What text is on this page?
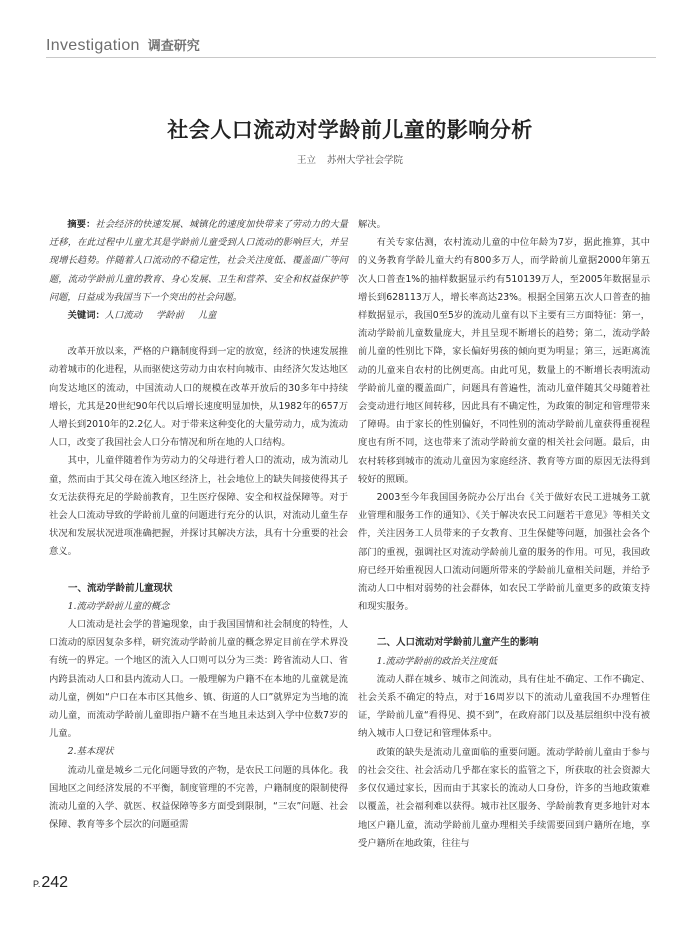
Investigation 调查研究
社会人口流动对学龄前儿童的影响分析
王立 苏州大学社会学院

摘要：社会经济的快速发展、城镇化的速度加快带来了劳动力的大量迁移，在此过程中儿童尤其是学龄前儿童受到人口流动的影响巨大，并呈现增长趋势。伴随着人口流动的不稳定性，社会关注度低、覆盖面广等问题，流动学龄前儿童的教育、身心发展、卫生和营养、安全和权益保护等问题，日益成为我国当下一个突出的社会问题。

关键词：人口流动 学龄前 儿童

改革开放以来，严格的户籍制度得到一定的放宽，经济的快速发展推动着城市的化进程，从而驱使这劳动力由农村向城市、由经济欠发达地区向发达地区的流动，中国流动人口的规模在改革开放后的30多年中持续增长，尤其是20世纪90年代以后增长速度明显加快，从1982年的657万人增长到2010年的2.2亿人。对于带来这种变化的大量劳动力，成为流动人口，改变了我国社会人口分布情况和所在地的人口结构。

其中，儿童伴随着作为劳动力的父母进行着人口的流动，成为流动儿童，然而由于其父母在流入地区经济上，社会地位上的缺失间接使得其子女无法获得充足的学龄前教育，卫生医疗保障、安全和权益保障等。对于社会人口流动导致的学龄前儿童的问题进行充分的认识，对流动儿童生存状况和发展状况进项准确把握，并探讨其解决方法，具有十分重要的社会意义。

一、流动学龄前儿童现状

1.流动学龄前儿童的概念

人口流动是社会学的普遍现象，由于我国国情和社会制度的特性，人口流动的原因复杂多样，研究流动学龄前儿童的概念界定目前在学术界没有统一的界定。一个地区的流入人口则可以分为三类：跨省流动人口、省内跨县流动人口和县内流动人口。一般理解为户籍不在本地的儿童就是流动儿童，例如“户口在本市区其他乡、镇、街道的人口”就界定为当地的流动儿童，而流动学龄前儿童即指户籍不在当地且未达到入学中位数7岁的儿童。

2.基本现状

流动儿童是城乡二元化问题导致的产物，是农民工问题的具体化。我国地区之间经济发展的不平衡，制度管理的不完善，户籍制度的限制使得流动儿童的入学、就医、权益保障等多方面受到限制，“三农”问题、社会保障、教育等多个层次的问题亟需

解决。

有关专家估测，农村流动儿童的中位年龄为7岁，据此推算，其中的义务教育学龄儿童大约有800多万人，而学龄前儿童据2000年第五次人口普查1%的抽样数据显示约有510139万人，至2005年数据显示增长到628113万人，增长率高达23%。根据全国第五次人口普查的抽样数据显示，我国0至5岁的流动儿童有以下主要有三方面特征：第一，流动学龄前儿童数量庞大，并且呈现不断增长的趋势；第二，流动学龄前儿童的性别比下降，家长偏好男孩的倾向更为明显；第三，远距离流动的儿童来自农村的比例更高。由此可见，数量上的不断增长表明流动学龄前儿童的覆盖面广，问题具有普遍性，流动儿童伴随其父母随着社会变动进行地区间转移，因此具有不确定性，为政策的制定和管理带来了障碍。由于家长的性别偏好，不同性别的流动学龄前儿童获得重视程度也有所不同，这也带来了流动学龄前女童的相关社会问题。最后，由农村转移到城市的流动儿童因为家庭经济、教育等方面的原因无法得到较好的照顾。

2003至今年我国国务院办公厅出台《关于做好农民工进城务工就业管理和服务工作的通知》、《关于解决农民工问题若干意见》等相关文件，关注因务工人员带来的子女教育、卫生保健等问题，加强社会各个部门的重视，强调社区对流动学龄前儿童的服务的作用。可见，我国政府已经开始重视因人口流动问题所带来的学龄前儿童相关问题，并给予流动人口中相对弱势的社会群体，如农民工学龄前儿童更多的政策支持和现实服务。

二、人口流动对学龄前儿童产生的影响

1.流动学龄前的政治关注度低

流动人群在城乡、城市之间流动，具有住址不确定、工作不确定、社会关系不确定的特点，对于16周岁以下的流动儿童我国不办理暂住证，学龄前儿童“看得见、摸不到”，在政府部门以及基层组织中没有被纳入城市人口登记和管理体系中。

政策的缺失是流动儿童面临的重要问题。流动学龄前儿童由于参与的社会交往、社会活动几乎都在家长的监管之下，所获取的社会资源大多仅仅通过家长，因而由于其家长的流动人口身份，许多的当地政策难以覆盖，社会福利难以获得。城市社区服务、学龄前教育更多地针对本地区户籍儿童，流动学龄前儿童办理相关手续需要回到户籍所在地，享受户籍所在地政策，往往与

P. 242
